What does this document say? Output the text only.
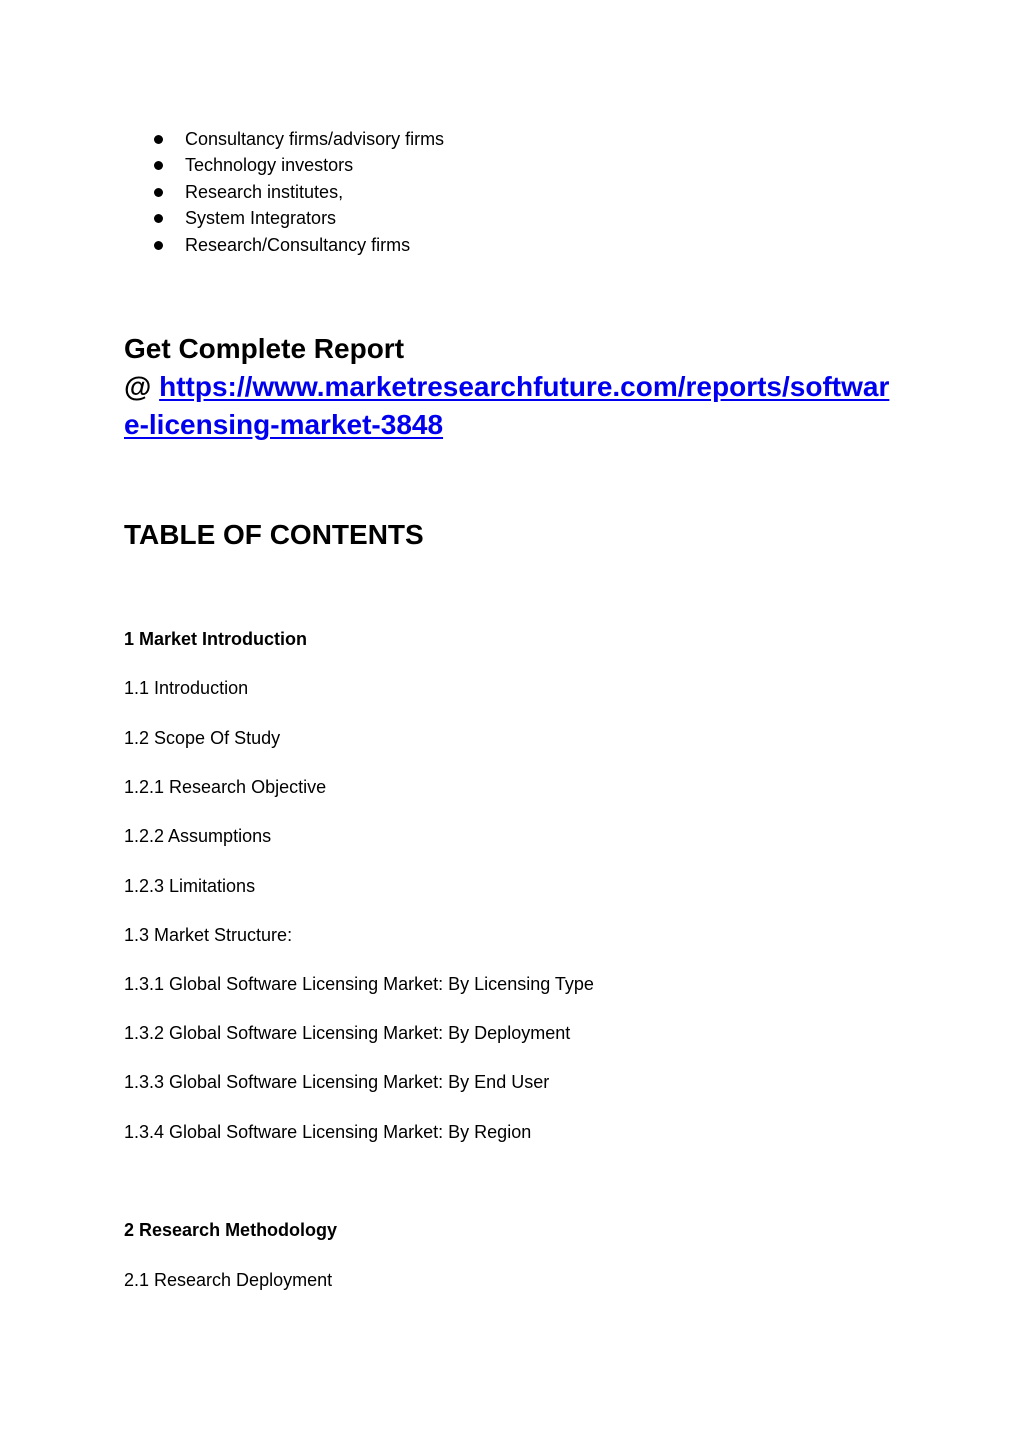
Consultancy firms/advisory firms
Technology investors
Research institutes,
System Integrators
Research/Consultancy firms
Get Complete Report
@ https://www.marketresearchfuture.com/reports/software-licensing-market-3848
TABLE OF CONTENTS

1 Market Introduction

1.1 Introduction

1.2 Scope Of Study

1.2.1 Research Objective

1.2.2 Assumptions

1.2.3 Limitations

1.3 Market Structure:

1.3.1 Global Software Licensing Market: By Licensing Type

1.3.2 Global Software Licensing Market: By Deployment

1.3.3 Global Software Licensing Market: By End User

1.3.4 Global Software Licensing Market: By Region

2 Research Methodology

2.1 Research Deployment
